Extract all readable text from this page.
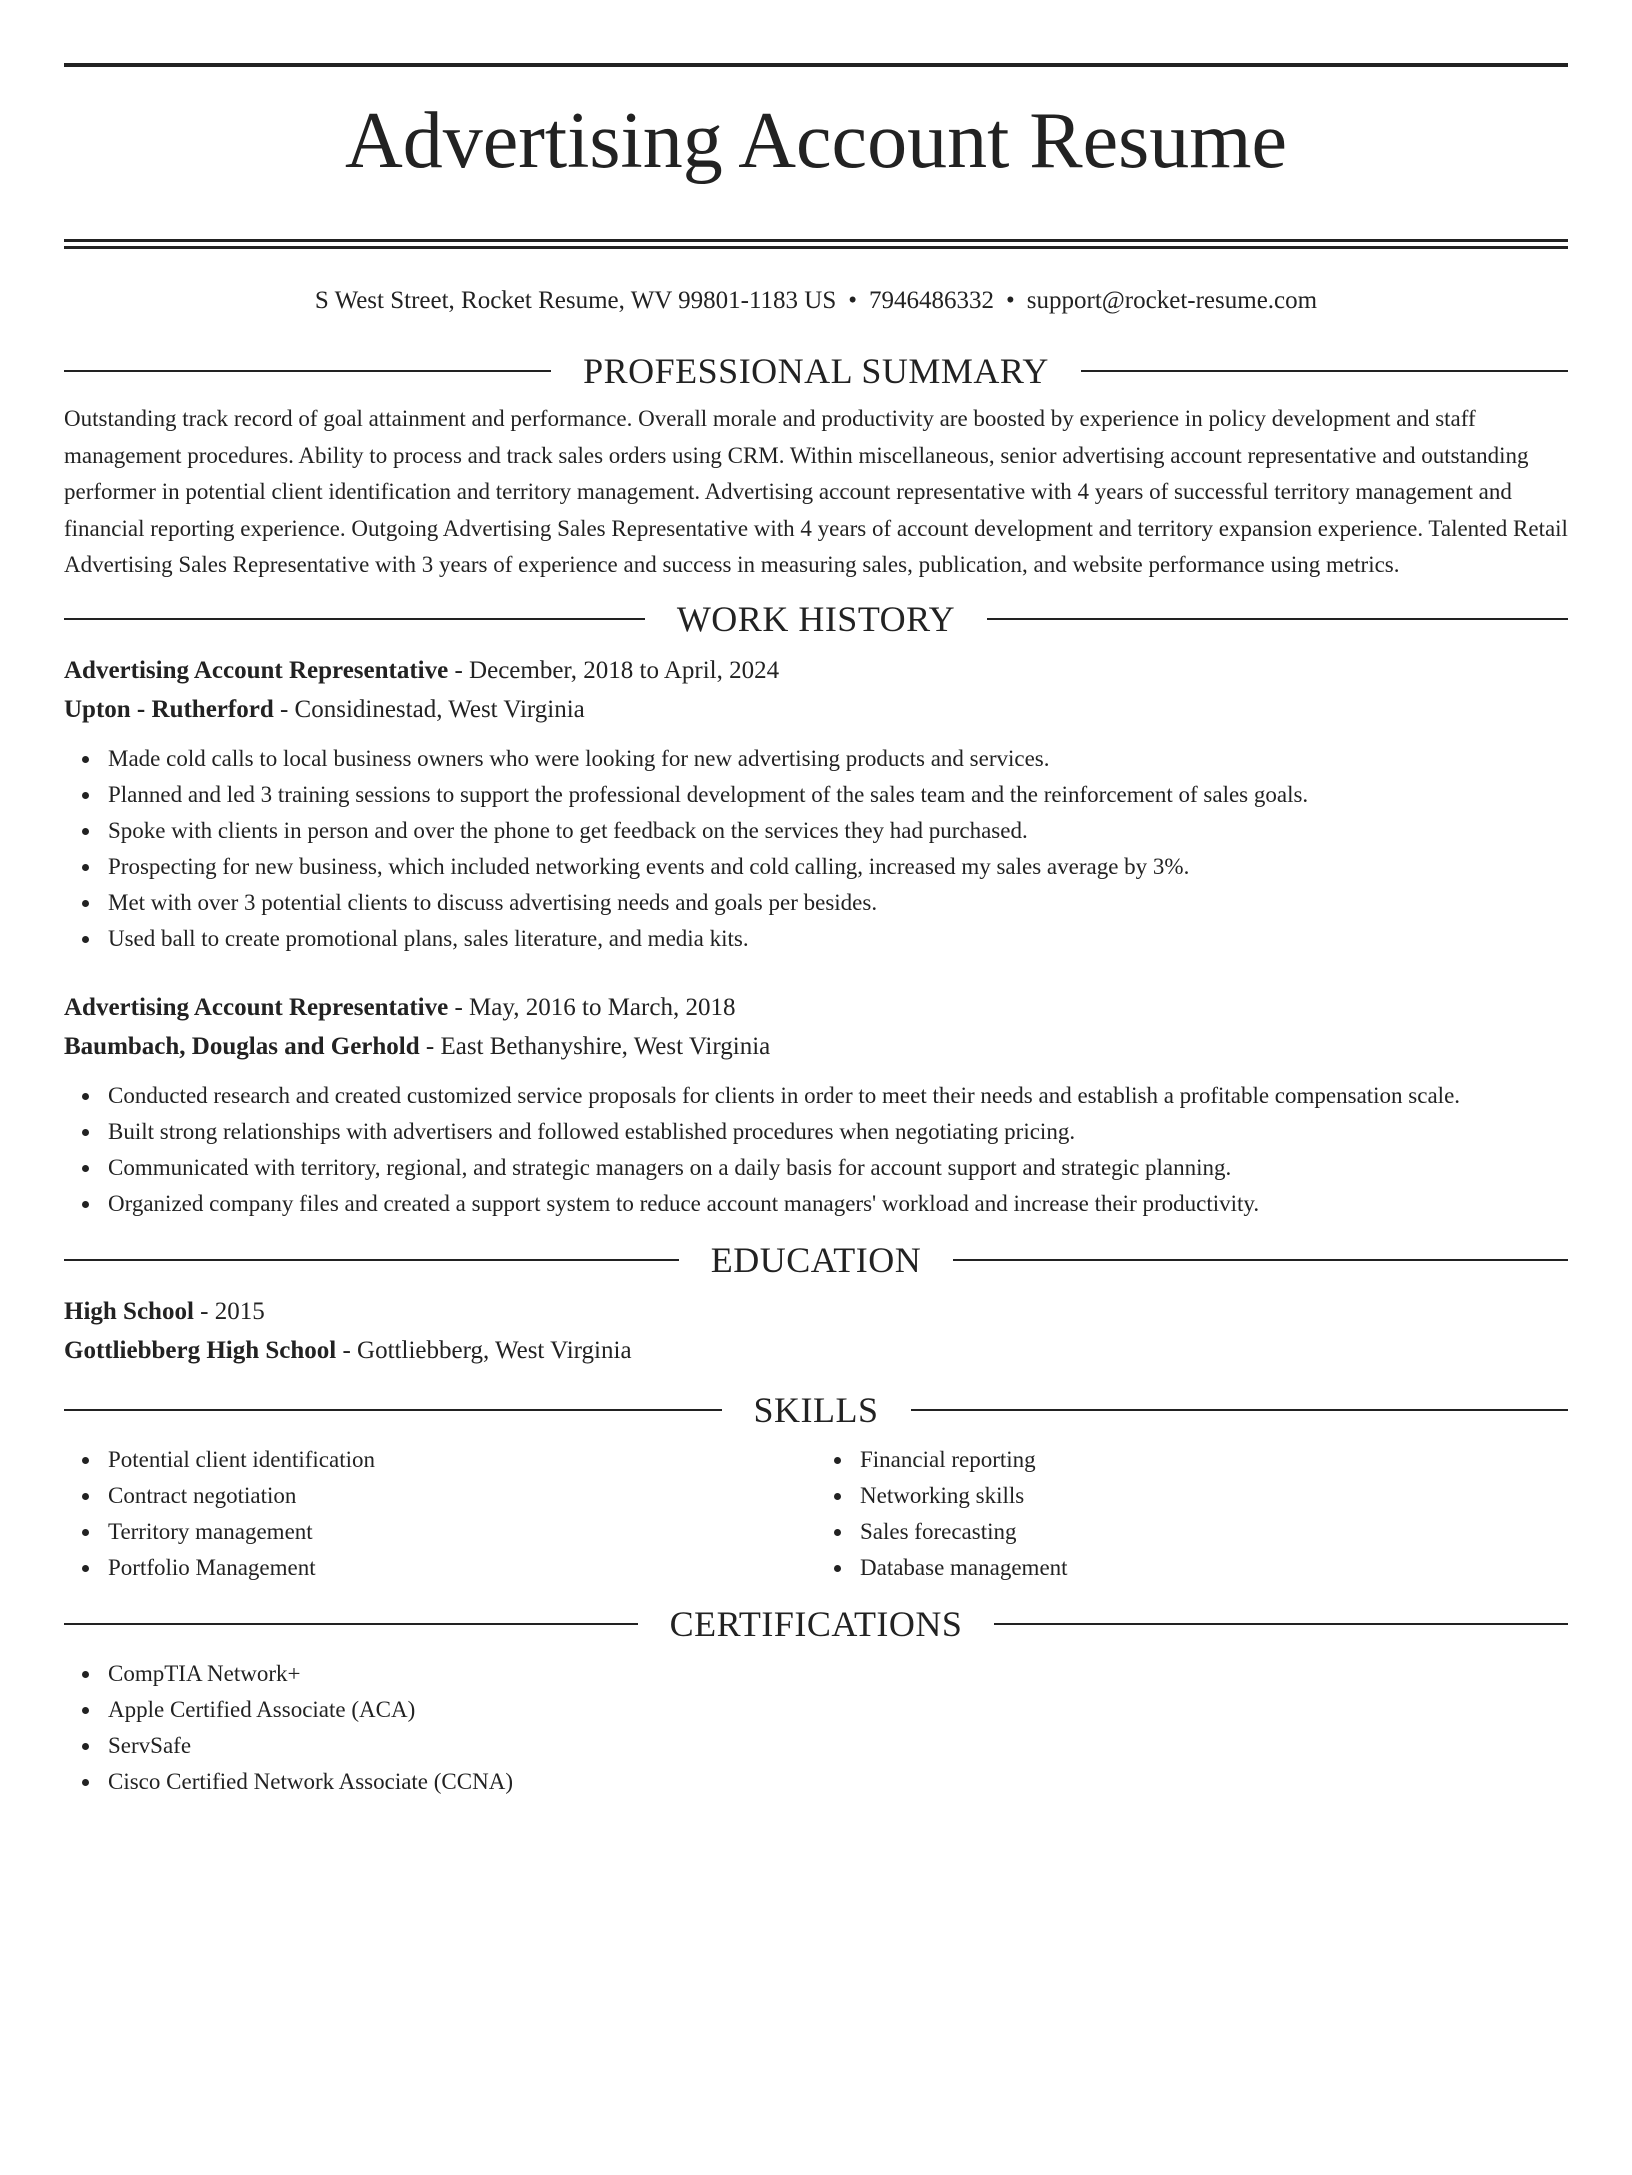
Advertising Account Resume
S West Street, Rocket Resume, WV 99801-1183 US • 7946486332 • support@rocket-resume.com
PROFESSIONAL SUMMARY

Outstanding track record of goal attainment and performance. Overall morale and productivity are boosted by experience in policy development and staff management procedures. Ability to process and track sales orders using CRM. Within miscellaneous, senior advertising account representative and outstanding performer in potential client identification and territory management. Advertising account representative with 4 years of successful territory management and financial reporting experience. Outgoing Advertising Sales Representative with 4 years of account development and territory expansion experience. Talented Retail Advertising Sales Representative with 3 years of experience and success in measuring sales, publication, and website performance using metrics.

WORK HISTORY
Advertising Account Representative - December, 2018 to April, 2024
Upton - Rutherford - Considinestad, West Virginia
Made cold calls to local business owners who were looking for new advertising products and services.
Planned and led 3 training sessions to support the professional development of the sales team and the reinforcement of sales goals.
Spoke with clients in person and over the phone to get feedback on the services they had purchased.
Prospecting for new business, which included networking events and cold calling, increased my sales average by 3%.
Met with over 3 potential clients to discuss advertising needs and goals per besides.
Used ball to create promotional plans, sales literature, and media kits.
Advertising Account Representative - May, 2016 to March, 2018
Baumbach, Douglas and Gerhold - East Bethanyshire, West Virginia
Conducted research and created customized service proposals for clients in order to meet their needs and establish a profitable compensation scale.
Built strong relationships with advertisers and followed established procedures when negotiating pricing.
Communicated with territory, regional, and strategic managers on a daily basis for account support and strategic planning.
Organized company files and created a support system to reduce account managers' workload and increase their productivity.
EDUCATION
High School - 2015
Gottliebberg High School - Gottliebberg, West Virginia
SKILLS
Potential client identification
Contract negotiation
Territory management
Portfolio Management
Financial reporting
Networking skills
Sales forecasting
Database management
CERTIFICATIONS
CompTIA Network+
Apple Certified Associate (ACA)
ServSafe
Cisco Certified Network Associate (CCNA)
